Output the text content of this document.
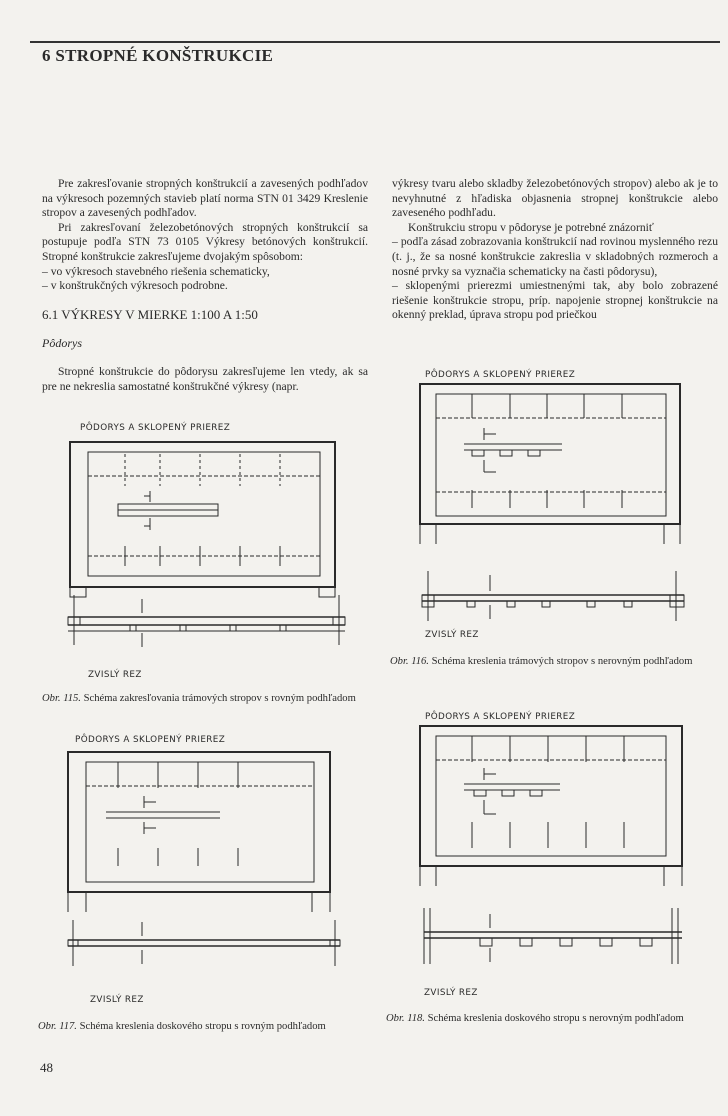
6 STROPNÉ KONŠTRUKCIE

Pre zakresľovanie stropných konštrukcií a zavesených podhľadov na výkresoch pozemných stavieb platí norma STN 01 3429 Kreslenie stropov a zavesených podhľadov.

Pri zakresľovaní železobetónových stropných konštrukcií sa postupuje podľa STN 73 0105 Výkresy betónových konštrukcií. Stropné konštrukcie zakresľujeme dvojakým spôsobom:

– vo výkresoch stavebného riešenia schematicky,

– v konštrukčných výkresoch podrobne.

6.1 VÝKRESY V MIERKE 1:100 A 1:50
Pôdorys

Stropné konštrukcie do pôdorysu zakresľujeme len vtedy, ak sa pre ne nekreslia samostatné konštrukčné výkresy (napr.

výkresy tvaru alebo skladby železobetónových stropov) alebo ak je to nevyhnutné z hľadiska objasnenia stropnej konštrukcie alebo zaveseného podhľadu.

Konštrukciu stropu v pôdoryse je potrebné znázorniť

– podľa zásad zobrazovania konštrukcií nad rovinou myslenného rezu (t. j., že sa nosné konštrukcie zakreslia v skladobných rozmeroch a nosné prvky sa vyznačia schematicky na časti pôdorysu),

– sklopenými prierezmi umiestnenými tak, aby bolo zobrazené riešenie konštrukcie stropu, príp. napojenie stropnej konštrukcie na okenný preklad, úprava stropu pod priečkou

PÔDORYS A SKLOPENÝ PRIEREZ
ZVISLÝ REZ
Obr. 115. Schéma zakresľovania trámových stropov s rovným podhľadom
PÔDORYS A SKLOPENÝ PRIEREZ
ZVISLÝ REZ
Obr. 116. Schéma kreslenia trámových stropov s nerovným podhľadom
PÔDORYS A SKLOPENÝ PRIEREZ
ZVISLÝ REZ
Obr. 117. Schéma kreslenia doskového stropu s rovným podhľadom
PÔDORYS A SKLOPENÝ PRIEREZ
ZVISLÝ REZ
Obr. 118. Schéma kreslenia doskového stropu s nerovným podhľadom
48
